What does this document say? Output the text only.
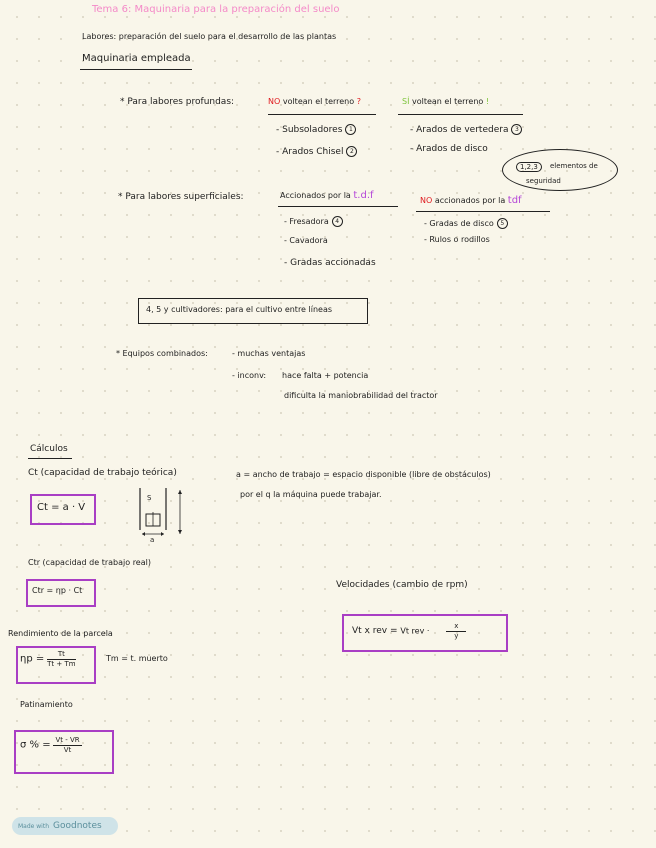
Tema 6: Maquinaria para la preparación del suelo
Labores: preparación del suelo para el desarrollo de las plantas
Maquinaria empleada
* Para labores profundas:	NO voltean el terreno ?	SÍ voltean el terreno !
- Subsoladores 1
- Arados Chisel 2
- Arados de vertedera 3
- Arados de disco
1,2,3	elementos de
seguridad
* Para labores superficiales:	Accionados por la t.d.f	NO accionados por la tdf
- Fresadora 4
- Cavadora
- Gradas accionadas
- Gradas de disco 5
- Rulos o rodillos
4, 5 y cultivadores: para el cultivo entre líneas
* Equipos combinados:	- muchas ventajas
- inconv: hace falta + potencia
dificulta la maniobrabilidad del tractor
Cálculos
Ct (capacidad de trabajo teórica)
Ct = a · V
S
a
a = ancho de trabajo = espacio disponible (libre de obstáculos)
por el q la máquina puede trabajar.
Ctr (capacidad de trabajo real)
Ctr = ηp · Ct
Rendimiento de la parcela
$\eta p = \frac{Tt}{Tt + Tm}$	Tm = t. muerto
Velocidades (cambio de rpm)
Vt x rev = Vt rev · $\frac{x}{y}$
Patinamiento
σ % = $\frac{Vt - VR}{Vt}$
Made with Goodnotes
